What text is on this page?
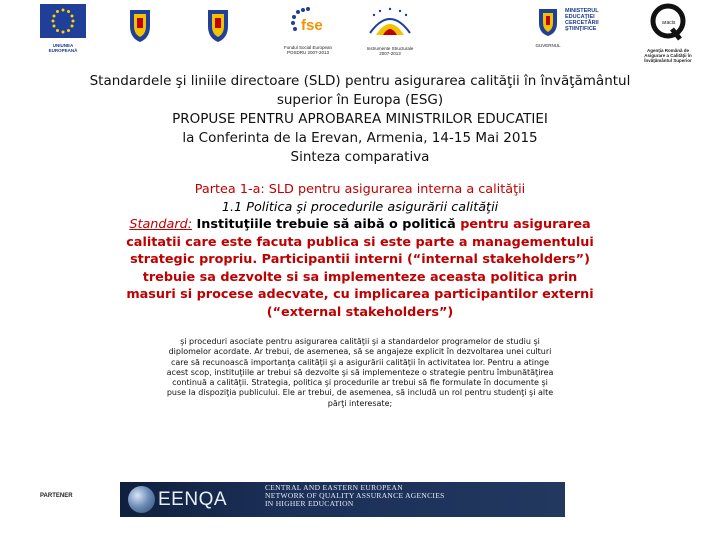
UNIUNEA EUROPEANĂ
fse
Fondul Social European
POSDRU 2007-2013
Instrumente Structurale
2007-2013
GUVERNUL
MINISTERUL
EDUCAŢIEI
CERCETĂRII
ŞTIINŢIFICE
aracis
Agenţia Română de
Asigurare a Calităţii în
Învăţământul Superior
Standardele şi liniile directoare (SLD) pentru asigurarea calităţii în învăţământul
superior în Europa (ESG)
PROPUSE PENTRU APROBAREA MINISTRILOR EDUCATIEI
la Conferinta de la Erevan, Armenia, 14-15 Mai 2015
Sinteza comparativa
Partea 1-a: SLD pentru asigurarea interna a calităţii
1.1 Politica şi procedurile asigurării calităţii
Standard: Instituţiile trebuie să aibă o politică pentru asigurarea
calitatii care este facuta publica si este parte a managementului
strategic propriu. Participantii interni (“internal stakeholders”)
trebuie sa dezvolte si sa implementeze aceasta politica prin
masuri si procese adecvate, cu implicarea participantilor externi
(“external stakeholders”)
şi proceduri asociate pentru asigurarea calităţii şi a standardelor programelor de studiu şi
diplomelor acordate. Ar trebui, de asemenea, să se angajeze explicit în dezvoltarea unei culturi
care să recunoască importanţa calităţii şi a asigurării calităţii în activitatea lor. Pentru a atinge
acest scop, instituţiile ar trebui să dezvolte şi să implementeze o strategie pentru îmbunătăţirea
continuă a calităţii. Strategia, politica şi procedurile ar trebui să fie formulate în documente şi
puse la dispoziţia publicului. Ele ar trebui, de asemenea, să includă un rol pentru studenţi şi alte
părţi interesate;
PARTENER	EENQA
CENTRAL AND EASTERN EUROPEAN
NETWORK OF QUALITY ASSURANCE AGENCIES
IN HIGHER EDUCATION
